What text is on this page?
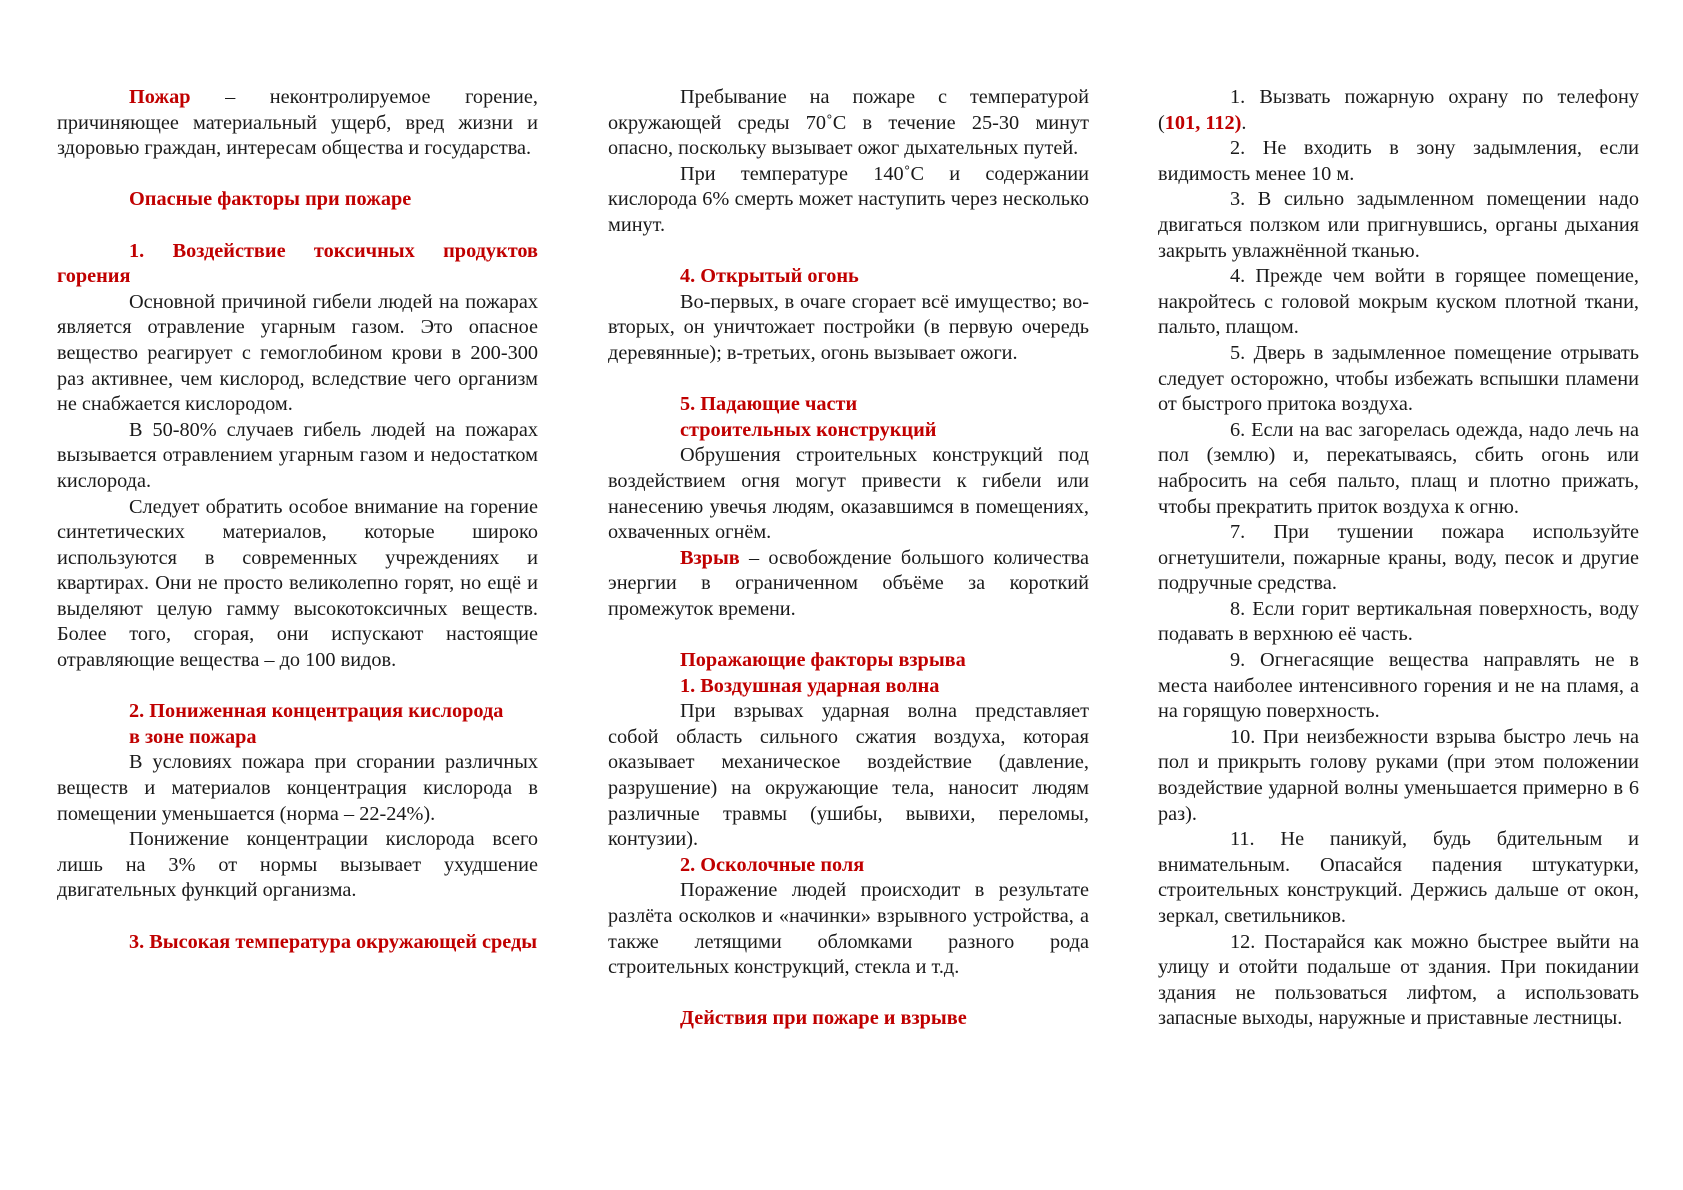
Пожар – неконтролируемое горение, причиняющее материальный ущерб, вред жизни и здоровью граждан, интересам общества и государства.

Опасные факторы при пожаре

1. Воздействие токсичных продуктов горения

Основной причиной гибели людей на пожарах является отравление угарным газом. Это опасное вещество реагирует с гемоглобином крови в 200-300 раз активнее, чем кислород, вследствие чего организм не снабжается кислородом.

В 50-80% случаев гибель людей на пожарах вызывается отравлением угарным газом и недостатком кислорода.

Следует обратить особое внимание на горение синтетических материалов, которые широко используются в современных учреждениях и квартирах. Они не просто великолепно горят, но ещё и выделяют целую гамму высокотоксичных веществ. Более того, сгорая, они испускают настоящие отравляющие вещества – до 100 видов.

2. Пониженная концентрация кислорода

в зоне пожара

В условиях пожара при сгорании различных веществ и материалов концентрация кислорода в помещении уменьшается (норма – 22-24%).

Понижение концентрации кислорода всего лишь на 3% от нормы вызывает ухудшение двигательных функций организма.

3. Высокая температура окружающей среды

Пребывание на пожаре с температурой окружающей среды 70˚С в течение 25-30 минут опасно, поскольку вызывает ожог дыхательных путей.

При температуре 140˚С и содержании кислорода 6% смерть может наступить через несколько минут.

4. Открытый огонь

Во-первых, в очаге сгорает всё имущество; во-вторых, он уничтожает постройки (в первую очередь деревянные); в-третьих, огонь вызывает ожоги.

5. Падающие части

строительных конструкций

Обрушения строительных конструкций под воздействием огня могут привести к гибели или нанесению увечья людям, оказавшимся в помещениях, охваченных огнём.

Взрыв – освобождение большого количества энергии в ограниченном объёме за короткий промежуток времени.

Поражающие факторы взрыва

1. Воздушная ударная волна

При взрывах ударная волна представляет собой область сильного сжатия воздуха, которая оказывает механическое воздействие (давление, разрушение) на окружающие тела, наносит людям различные травмы (ушибы, вывихи, переломы, контузии).

2. Осколочные поля

Поражение людей происходит в результате разлёта осколков и «начинки» взрывного устройства, а также летящими обломками разного рода строительных конструкций, стекла и т.д.

Действия при пожаре и взрыве

1. Вызвать пожарную охрану по телефону (101, 112).

2. Не входить в зону задымления, если видимость менее 10 м.

3. В сильно задымленном помещении надо двигаться ползком или пригнувшись, органы дыхания закрыть увлажнённой тканью.

4. Прежде чем войти в горящее помещение, накройтесь с головой мокрым куском плотной ткани, пальто, плащом.

5. Дверь в задымленное помещение отрывать следует осторожно, чтобы избежать вспышки пламени от быстрого притока воздуха.

6. Если на вас загорелась одежда, надо лечь на пол (землю) и, перекатываясь, сбить огонь или набросить на себя пальто, плащ и плотно прижать, чтобы прекратить приток воздуха к огню.

7. При тушении пожара используйте огнетушители, пожарные краны, воду, песок и другие подручные средства.

8. Если горит вертикальная поверхность, воду подавать в верхнюю её часть.

9. Огнегасящие вещества направлять не в места наиболее интенсивного горения и не на пламя, а на горящую поверхность.

10. При неизбежности взрыва быстро лечь на пол и прикрыть голову руками (при этом положении воздействие ударной волны уменьшается примерно в 6 раз).

11. Не паникуй, будь бдительным и внимательным. Опасайся падения штукатурки, строительных конструкций. Держись дальше от окон, зеркал, светильников.

12. Постарайся как можно быстрее выйти на улицу и отойти подальше от здания. При покидании здания не пользоваться лифтом, а использовать запасные выходы, наружные и приставные лестницы.
